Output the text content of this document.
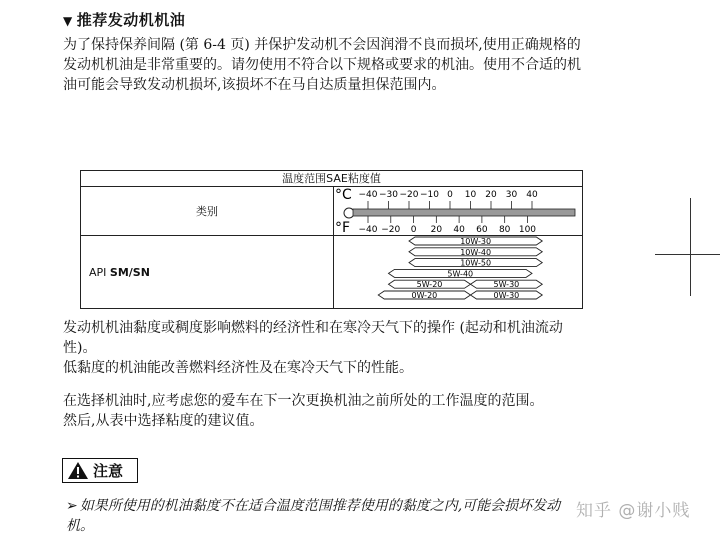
▼ 推荐发动机机油
为了保持保养间隔 (第 6-4 页) 并保护发动机不会因润滑不良而损坏,使用正确规格的发动机机油是非常重要的。请勿使用不符合以下规格或要求的机油。使用不合适的机油可能会导致发动机损坏,该损坏不在马自达质量担保范围内。
温度范围SAE粘度值
类别
API SM/SN
°C
°F
−40 −30 −20 −10 0 10 20 30 40
−40 −20 0 20 40 60 80 100
10W-30
10W-40
10W-50
5W-40
5W-20	5W-30
0W-20	0W-30
发动机机油黏度或稠度影响燃料的经济性和在寒冷天气下的操作 (起动和机油流动性)。
低黏度的机油能改善燃料经济性及在寒冷天气下的性能。
在选择机油时,应考虑您的爱车在下一次更换机油之前所处的工作温度的范围。
然后,从表中选择粘度的建议值。
注意
➢ 如果所使用的机油黏度不在适合温度范围推荐使用的黏度之内,可能会损坏发动机。
知乎 @谢小贱
